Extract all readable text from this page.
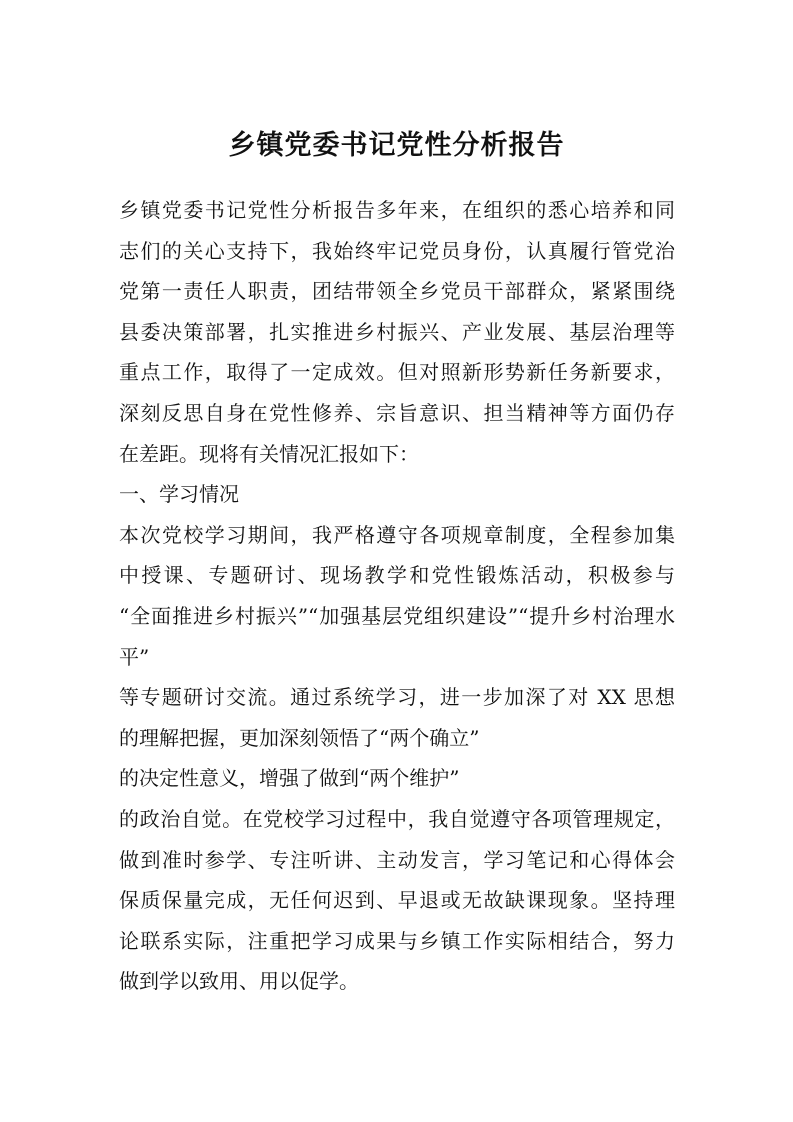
乡镇党委书记党性分析报告
乡镇党委书记党性分析报告多年来，在组织的悉心培养和同
志们的关心支持下，我始终牢记党员身份，认真履行管党治
党第一责任人职责，团结带领全乡党员干部群众，紧紧围绕
县委决策部署，扎实推进乡村振兴、产业发展、基层治理等
重点工作，取得了一定成效。但对照新形势新任务新要求，
深刻反思自身在党性修养、宗旨意识、担当精神等方面仍存
在差距。现将有关情况汇报如下：
一、学习情况
本次党校学习期间，我严格遵守各项规章制度，全程参加集
中授课、专题研讨、现场教学和党性锻炼活动，积极参与
“全面推进乡村振兴”“加强基层党组织建设”“提升乡村治理水
平”
等专题研讨交流。通过系统学习，进一步加深了对 XX 思想
的理解把握，更加深刻领悟了“两个确立”
的决定性意义，增强了做到“两个维护”
的政治自觉。在党校学习过程中，我自觉遵守各项管理规定，
做到准时参学、专注听讲、主动发言，学习笔记和心得体会
保质保量完成，无任何迟到、早退或无故缺课现象。坚持理
论联系实际，注重把学习成果与乡镇工作实际相结合，努力
做到学以致用、用以促学。
